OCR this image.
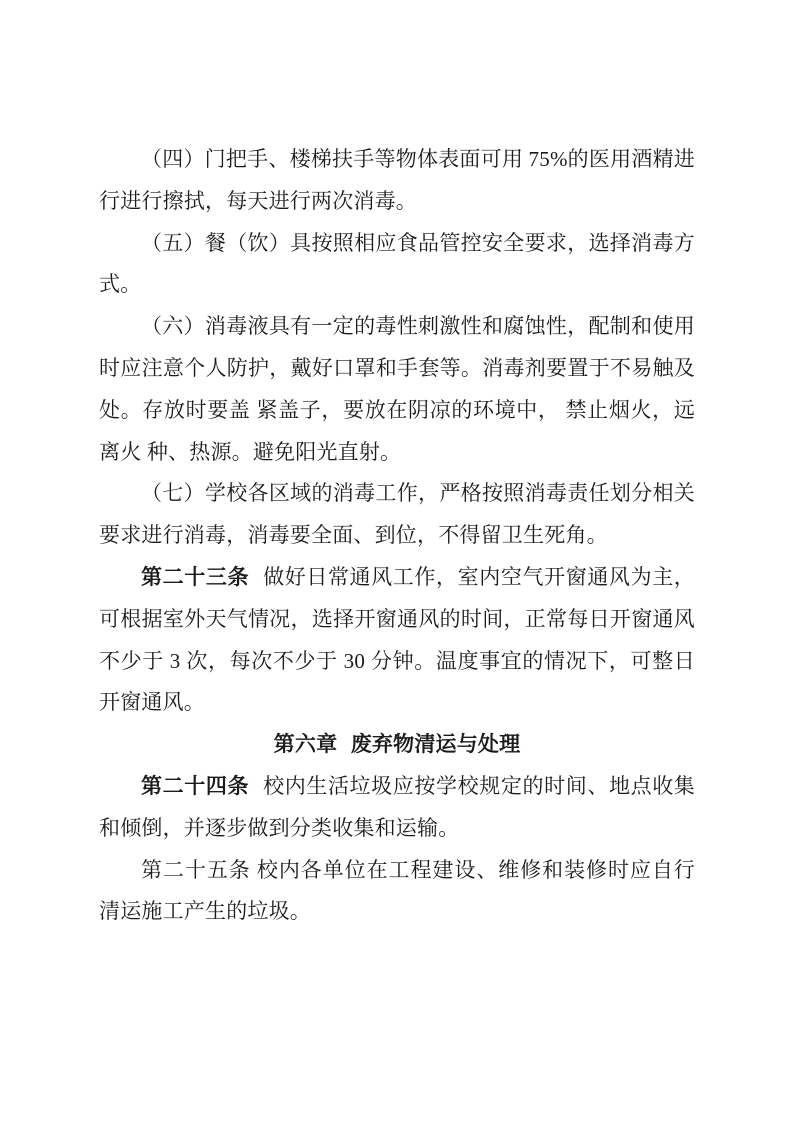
（四）门把手、楼梯扶手等物体表面可用 75%的医用酒精进行进行擦拭，每天进行两次消毒。

（五）餐（饮）具按照相应食品管控安全要求，选择消毒方式。

（六）消毒液具有一定的毒性刺激性和腐蚀性，配制和使用时应注意个人防护，戴好口罩和手套等。消毒剂要置于不易触及处。存放时要盖 紧盖子，要放在阴凉的环境中， 禁止烟火，远离火 种、热源。避免阳光直射。

（七）学校各区域的消毒工作，严格按照消毒责任划分相关要求进行消毒，消毒要全面、到位，不得留卫生死角。

第二十三条 做好日常通风工作，室内空气开窗通风为主，可根据室外天气情况，选择开窗通风的时间，正常每日开窗通风不少于 3 次，每次不少于 30 分钟。温度事宜的情况下，可整日开窗通风。

第六章 废弃物清运与处理

第二十四条 校内生活垃圾应按学校规定的时间、地点收集和倾倒，并逐步做到分类收集和运输。

第二十五条 校内各单位在工程建设、维修和装修时应自行清运施工产生的垃圾。
